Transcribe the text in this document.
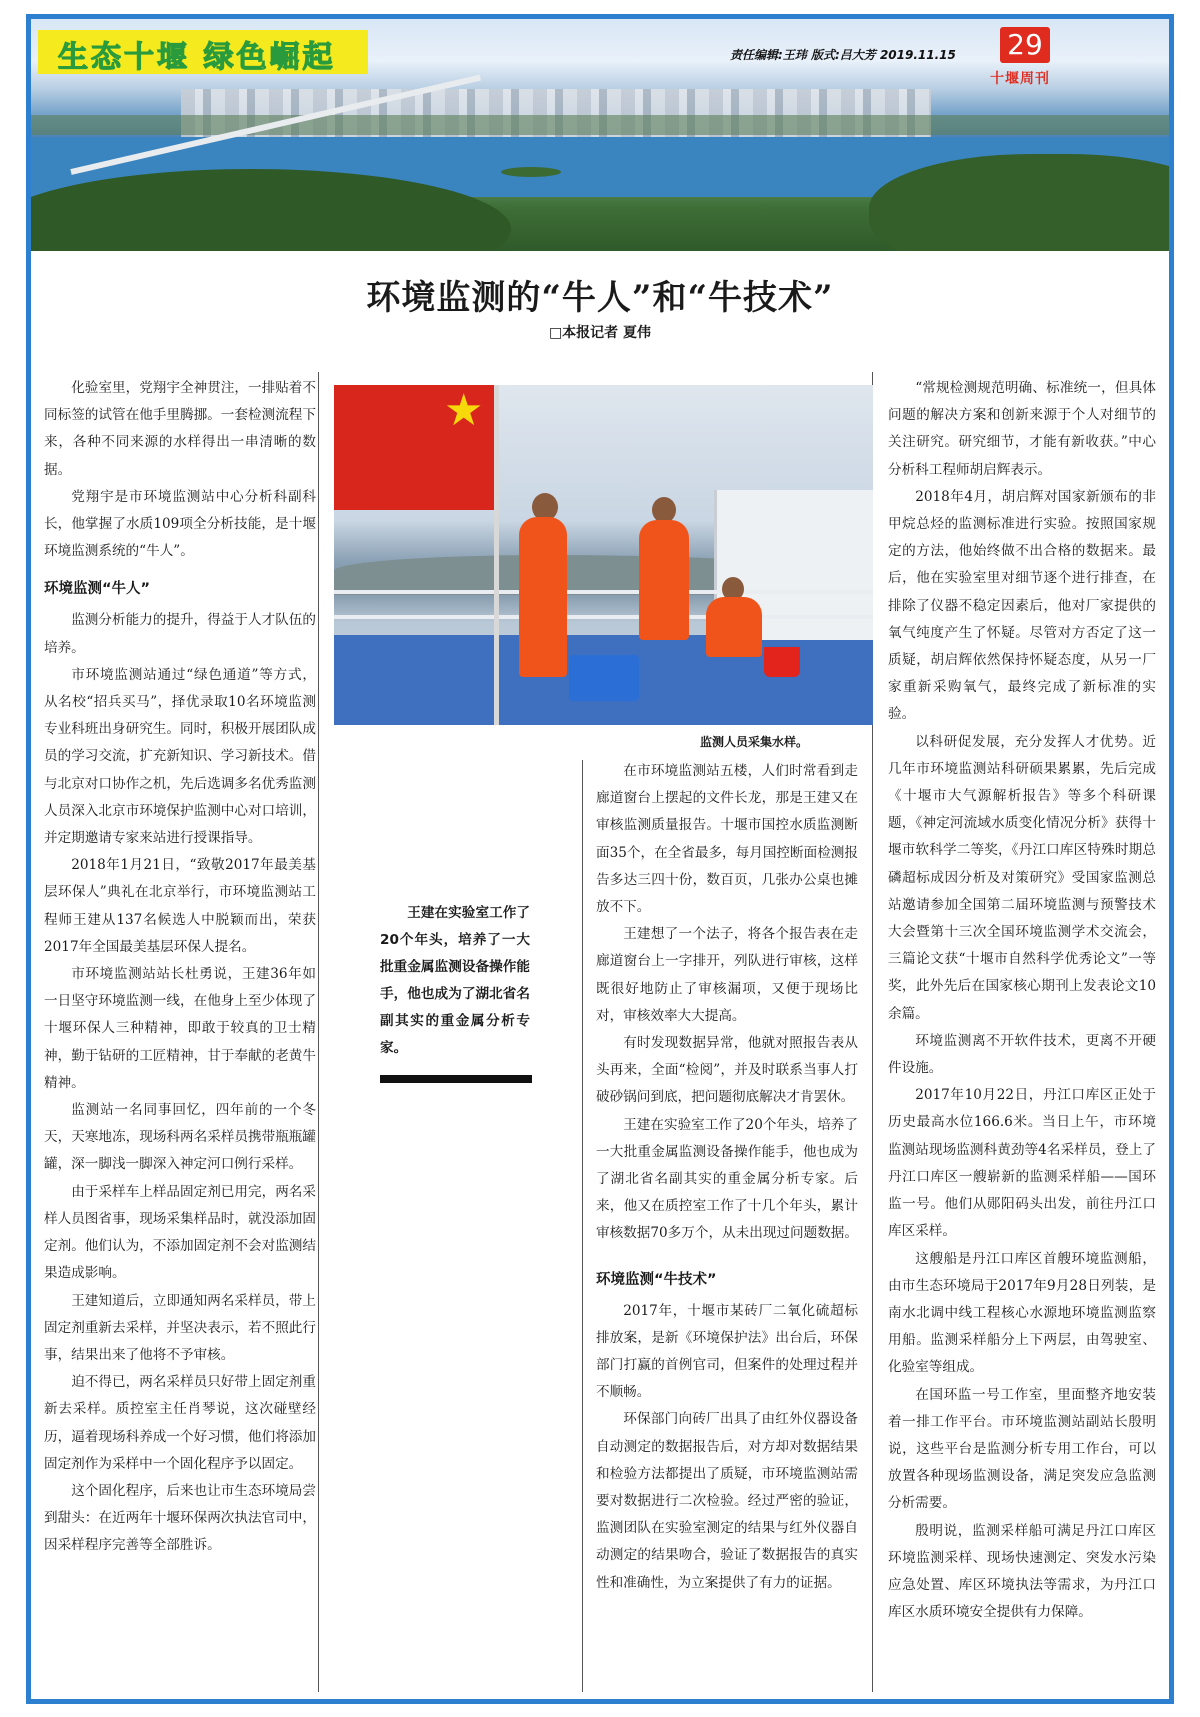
生态十堰 绿色崛起	责任编辑:王玮 版式:吕大芳 2019.11.15 29
十堰周刊
环境监测的“牛人”和“牛技术”
□本报记者 夏伟

化验室里，党翔宇全神贯注，一排贴着不同标签的试管在他手里腾挪。一套检测流程下来，各种不同来源的水样得出一串清晰的数据。

党翔宇是市环境监测站中心分析科副科长，他掌握了水质109项全分析技能，是十堰环境监测系统的“牛人”。

环境监测“牛人”

监测分析能力的提升，得益于人才队伍的培养。

市环境监测站通过“绿色通道”等方式，从名校“招兵买马”，择优录取10名环境监测专业科班出身研究生。同时，积极开展团队成员的学习交流，扩充新知识、学习新技术。借与北京对口协作之机，先后选调多名优秀监测人员深入北京市环境保护监测中心对口培训，并定期邀请专家来站进行授课指导。

2018年1月21日，“致敬2017年最美基层环保人”典礼在北京举行，市环境监测站工程师王建从137名候选人中脱颖而出，荣获2017年全国最美基层环保人提名。

市环境监测站站长杜勇说，王建36年如一日坚守环境监测一线，在他身上至少体现了十堰环保人三种精神，即敢于较真的卫士精神，勤于钻研的工匠精神，甘于奉献的老黄牛精神。

监测站一名同事回忆，四年前的一个冬天，天寒地冻，现场科两名采样员携带瓶瓶罐罐，深一脚浅一脚深入神定河口例行采样。

由于采样车上样品固定剂已用完，两名采样人员图省事，现场采集样品时，就没添加固定剂。他们认为，不添加固定剂不会对监测结果造成影响。

王建知道后，立即通知两名采样员，带上固定剂重新去采样，并坚决表示，若不照此行事，结果出来了他将不予审核。

迫不得已，两名采样员只好带上固定剂重新去采样。质控室主任肖琴说，这次碰壁经历，逼着现场科养成一个好习惯，他们将添加固定剂作为采样中一个固化程序予以固定。

这个固化程序，后来也让市生态环境局尝到甜头：在近两年十堰环保两次执法官司中，因采样程序完善等全部胜诉。

★
监测人员采集水样。

王建在实验室工作了20个年头，培养了一大批重金属监测设备操作能手，他也成为了湖北省名副其实的重金属分析专家。

在市环境监测站五楼，人们时常看到走廊道窗台上摆起的文件长龙，那是王建又在审核监测质量报告。十堰市国控水质监测断面35个，在全省最多，每月国控断面检测报告多达三四十份，数百页，几张办公桌也摊放不下。

王建想了一个法子，将各个报告表在走廊道窗台上一字排开，列队进行审核，这样既很好地防止了审核漏项，又便于现场比对，审核效率大大提高。

有时发现数据异常，他就对照报告表从头再来，全面“检阅”，并及时联系当事人打破砂锅问到底，把问题彻底解决才肯罢休。

王建在实验室工作了20个年头，培养了一大批重金属监测设备操作能手，他也成为了湖北省名副其实的重金属分析专家。后来，他又在质控室工作了十几个年头，累计审核数据70多万个，从未出现过问题数据。

环境监测“牛技术”

2017年，十堰市某砖厂二氧化硫超标排放案，是新《环境保护法》出台后，环保部门打赢的首例官司，但案件的处理过程并不顺畅。

环保部门向砖厂出具了由红外仪器设备自动测定的数据报告后，对方却对数据结果和检验方法都提出了质疑，市环境监测站需要对数据进行二次检验。经过严密的验证，监测团队在实验室测定的结果与红外仪器自动测定的结果吻合，验证了数据报告的真实性和准确性，为立案提供了有力的证据。

“常规检测规范明确、标准统一，但具体问题的解决方案和创新来源于个人对细节的关注研究。研究细节，才能有新收获。”中心分析科工程师胡启辉表示。

2018年4月，胡启辉对国家新颁布的非甲烷总烃的监测标准进行实验。按照国家规定的方法，他始终做不出合格的数据来。最后，他在实验室里对细节逐个进行排查，在排除了仪器不稳定因素后，他对厂家提供的氧气纯度产生了怀疑。尽管对方否定了这一质疑，胡启辉依然保持怀疑态度，从另一厂家重新采购氧气，最终完成了新标准的实验。

以科研促发展，充分发挥人才优势。近几年市环境监测站科研硕果累累，先后完成《十堰市大气源解析报告》等多个科研课题，《神定河流域水质变化情况分析》获得十堰市软科学二等奖，《丹江口库区特殊时期总磷超标成因分析及对策研究》受国家监测总站邀请参加全国第二届环境监测与预警技术大会暨第十三次全国环境监测学术交流会，三篇论文获“十堰市自然科学优秀论文”一等奖，此外先后在国家核心期刊上发表论文10余篇。

环境监测离不开软件技术，更离不开硬件设施。

2017年10月22日，丹江口库区正处于历史最高水位166.6米。当日上午，市环境监测站现场监测科黄劲等4名采样员，登上了丹江口库区一艘崭新的监测采样船——国环监一号。他们从郧阳码头出发，前往丹江口库区采样。

这艘船是丹江口库区首艘环境监测船，由市生态环境局于2017年9月28日列装，是南水北调中线工程核心水源地环境监测监察用船。监测采样船分上下两层，由驾驶室、化验室等组成。

在国环监一号工作室，里面整齐地安装着一排工作平台。市环境监测站副站长殷明说，这些平台是监测分析专用工作台，可以放置各种现场监测设备，满足突发应急监测分析需要。

殷明说，监测采样船可满足丹江口库区环境监测采样、现场快速测定、突发水污染应急处置、库区环境执法等需求，为丹江口库区水质环境安全提供有力保障。
